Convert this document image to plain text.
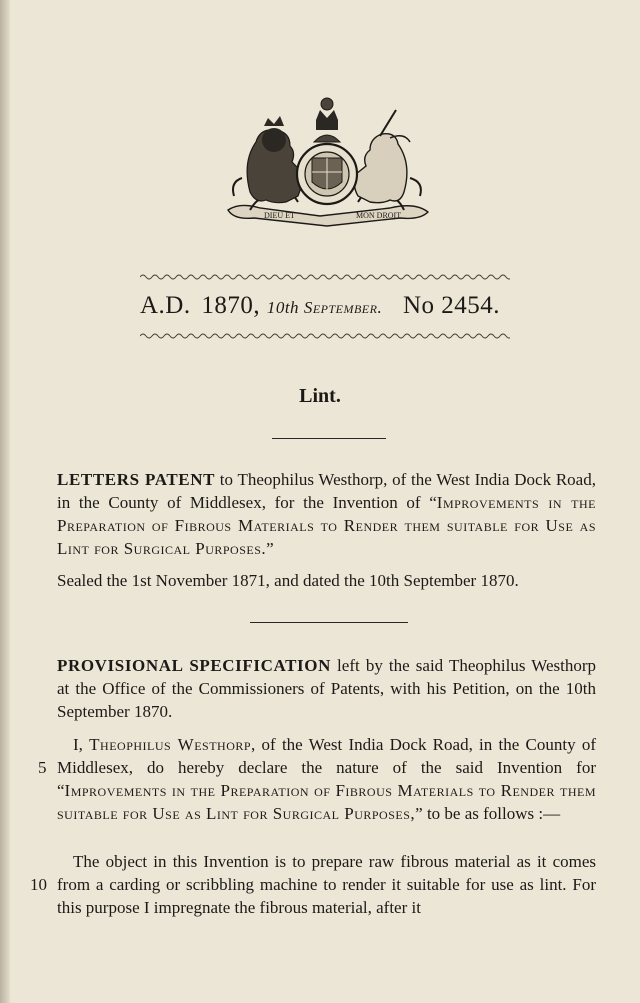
DIEU ET	MON DROIT
A.D. 1870, 10th September. No 2454.
Lint.
LETTERS PATENT to Theophilus Westhorp, of the West India Dock Road, in the County of Middlesex, for the Invention of “Improvements in the Preparation of Fibrous Materials to Render them suitable for Use as Lint for Surgical Purposes.”
Sealed the 1st November 1871, and dated the 10th September 1870.
PROVISIONAL SPECIFICATION left by the said Theophilus Westhorp at the Office of the Commissioners of Patents, with his Petition, on the 10th September 1870.
5
I, Theophilus Westhorp, of the West India Dock Road, in the County of Middlesex, do hereby declare the nature of the said Invention for “Improvements in the Preparation of Fibrous Materials to Render them suitable for Use as Lint for Surgical Purposes,” to be as follows :—
10
The object in this Invention is to prepare raw fibrous material as it comes from a carding or scribbling machine to render it suitable for use as lint. For this purpose I impregnate the fibrous material, after it
